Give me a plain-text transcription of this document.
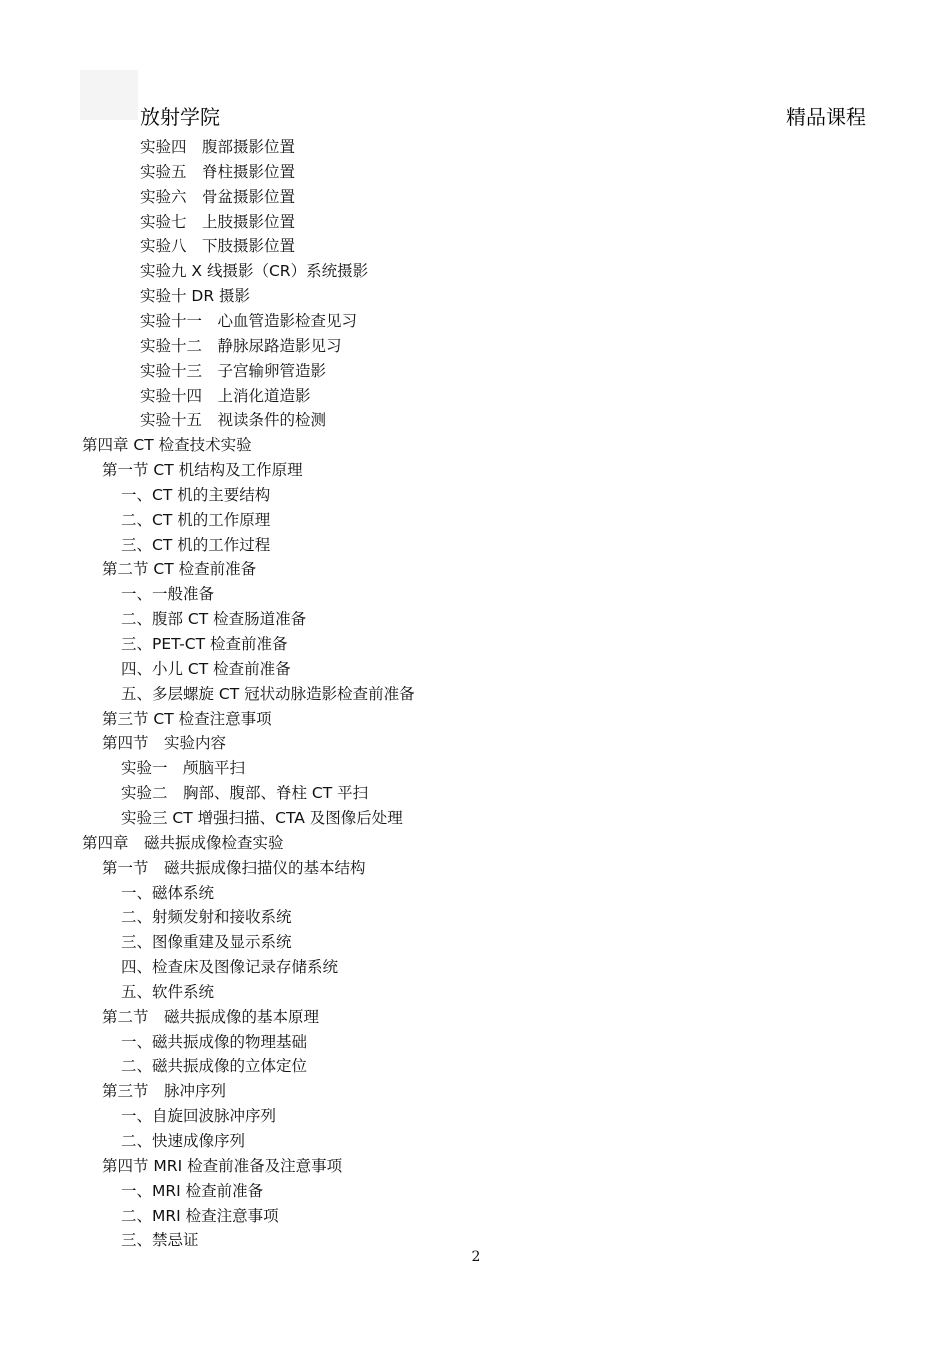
放射学院	精品课程
实验四　腹部摄影位置
实验五　脊柱摄影位置
实验六　骨盆摄影位置
实验七　上肢摄影位置
实验八　下肢摄影位置
实验九 X 线摄影（CR）系统摄影
实验十 DR 摄影
实验十一　心血管造影检查见习
实验十二　静脉尿路造影见习
实验十三　子宫输卵管造影
实验十四　上消化道造影
实验十五　视读条件的检测
第四章 CT 检查技术实验
第一节 CT 机结构及工作原理
一、CT 机的主要结构
二、CT 机的工作原理
三、CT 机的工作过程
第二节 CT 检查前准备
一、一般准备
二、腹部 CT 检查肠道准备
三、PET-CT 检查前准备
四、小儿 CT 检查前准备
五、多层螺旋 CT 冠状动脉造影检查前准备
第三节 CT 检查注意事项
第四节　实验内容
实验一　颅脑平扫
实验二　胸部、腹部、脊柱 CT 平扫
实验三 CT 增强扫描、CTA 及图像后处理
第四章　磁共振成像检查实验
第一节　磁共振成像扫描仪的基本结构
一、磁体系统
二、射频发射和接收系统
三、图像重建及显示系统
四、检查床及图像记录存储系统
五、软件系统
第二节　磁共振成像的基本原理
一、磁共振成像的物理基础
二、磁共振成像的立体定位
第三节　脉冲序列
一、自旋回波脉冲序列
二、快速成像序列
第四节 MRI 检查前准备及注意事项
一、MRI 检查前准备
二、MRI 检查注意事项
三、禁忌证
2
